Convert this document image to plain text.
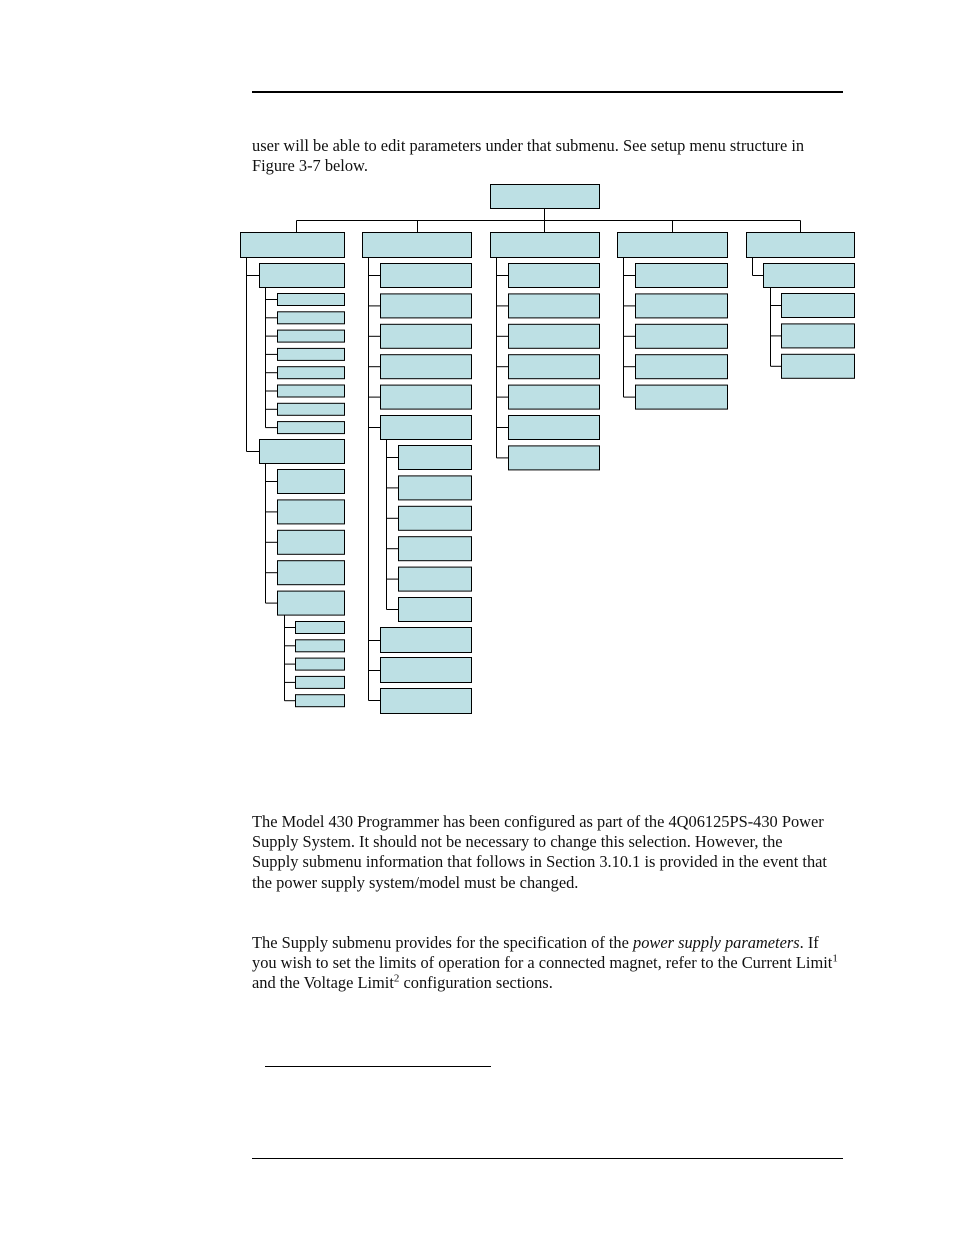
user will be able to edit parameters under that submenu. See setup menu structure in Figure 3-7 below.

The Model 430 Programmer has been configured as part of the 4Q06125PS-430 Power Supply System. It should not be necessary to change this selection. However, the Supply submenu information that follows in Section 3.10.1 is provided in the event that the power supply system/model must be changed.

The Supply submenu provides for the specification of the power supply parameters. If you wish to set the limits of operation for a connected magnet, refer to the Current Limit$^1$ and the Voltage Limit$^2$ configuration sections.
